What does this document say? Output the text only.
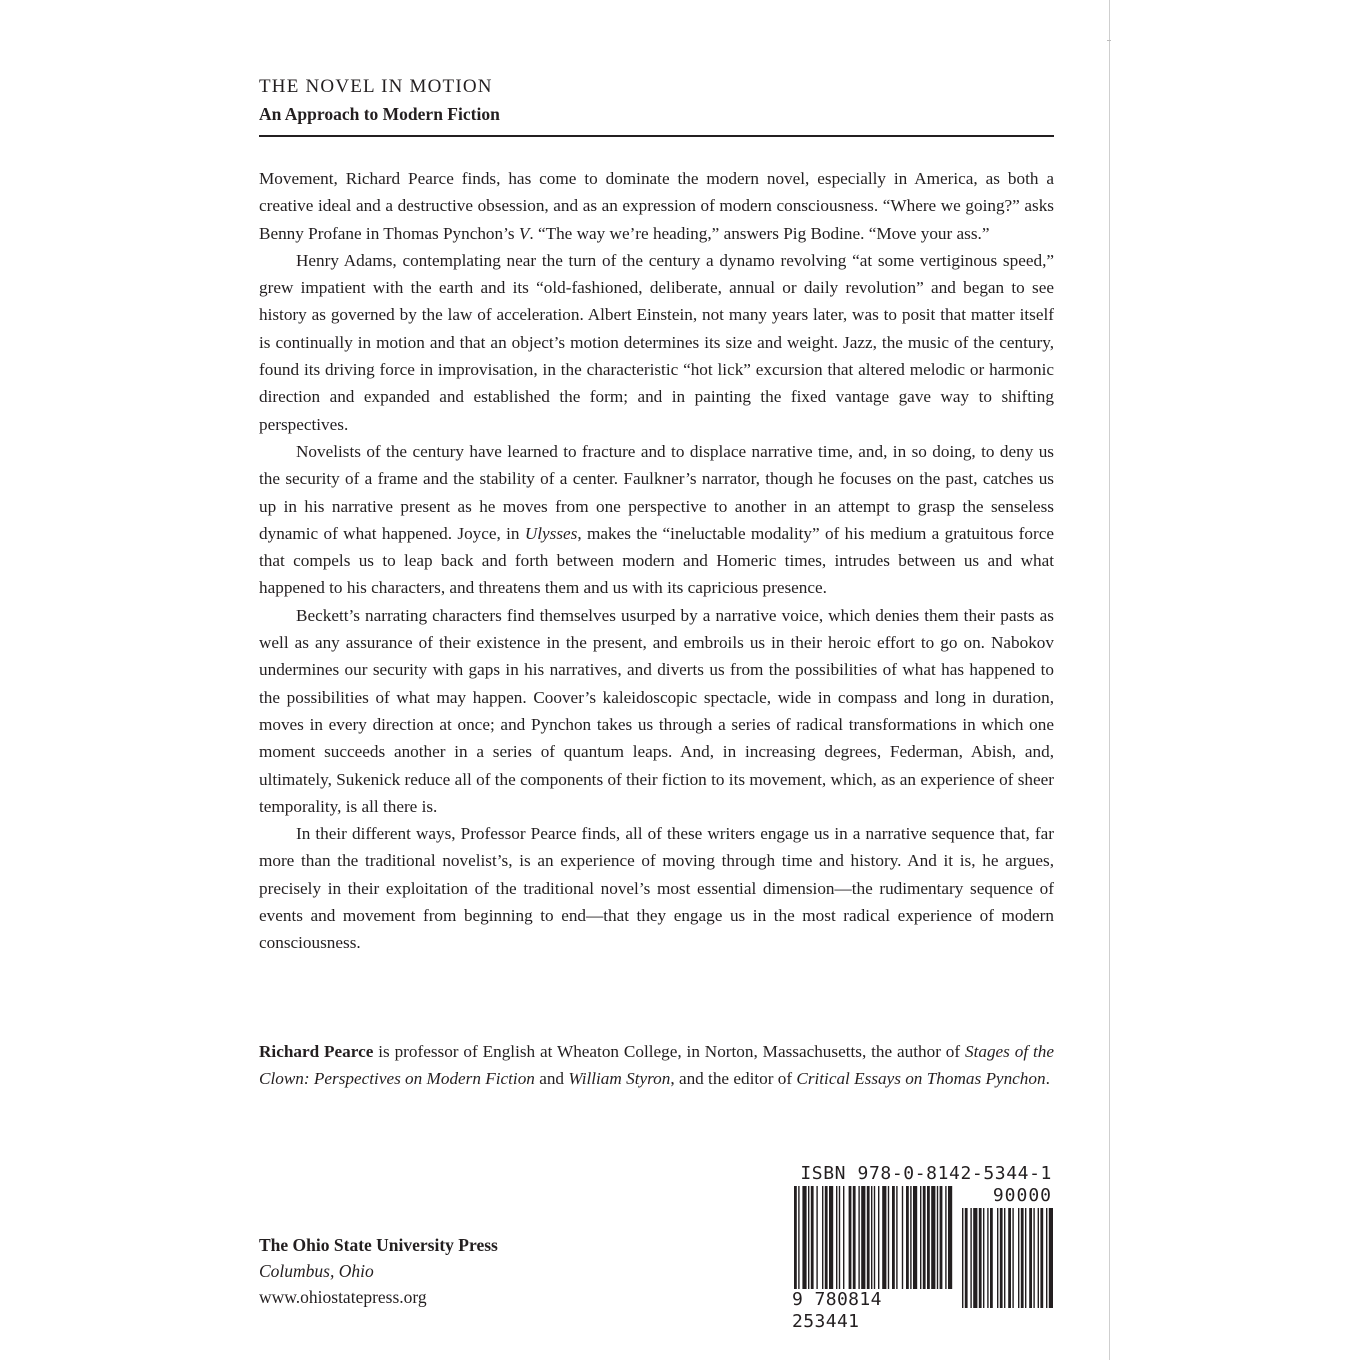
THE NOVEL IN MOTION
An Approach to Modern Fiction

Movement, Richard Pearce finds, has come to dominate the modern novel, especially in America, as both a creative ideal and a destructive obsession, and as an expression of modern consciousness. “Where we going?” asks Benny Profane in Thomas Pynchon’s V. “The way we’re heading,” answers Pig Bodine. “Move your ass.”

Henry Adams, contemplating near the turn of the century a dynamo revolving “at some vertiginous speed,” grew impatient with the earth and its “old-fashioned, deliberate, annual or daily revolution” and began to see history as governed by the law of acceleration. Albert Einstein, not many years later, was to posit that matter itself is continually in motion and that an object’s motion determines its size and weight. Jazz, the music of the century, found its driving force in improvisation, in the characteristic “hot lick” excursion that altered melodic or harmonic direction and expanded and established the form; and in painting the fixed vantage gave way to shifting perspectives.

Novelists of the century have learned to fracture and to displace narrative time, and, in so doing, to deny us the security of a frame and the stability of a center. Faulkner’s narrator, though he focuses on the past, catches us up in his narrative present as he moves from one perspective to another in an attempt to grasp the senseless dynamic of what happened. Joyce, in Ulysses, makes the “ineluctable modality” of his medium a gratuitous force that compels us to leap back and forth between modern and Homeric times, intrudes between us and what happened to his characters, and threatens them and us with its capricious presence.

Beckett’s narrating characters find themselves usurped by a narrative voice, which denies them their pasts as well as any assurance of their existence in the present, and embroils us in their heroic effort to go on. Nabokov undermines our security with gaps in his narratives, and diverts us from the possibilities of what has happened to the possibilities of what may happen. Coover’s kaleidoscopic spectacle, wide in compass and long in duration, moves in every direction at once; and Pynchon takes us through a series of radical transformations in which one moment succeeds another in a series of quantum leaps. And, in increasing degrees, Federman, Abish, and, ultimately, Sukenick reduce all of the components of their fiction to its movement, which, as an experience of sheer temporality, is all there is.

In their different ways, Professor Pearce finds, all of these writers engage us in a narrative sequence that, far more than the traditional novelist’s, is an experience of moving through time and history. And it is, he argues, precisely in their exploitation of the traditional novel’s most essential dimension—the rudimentary sequence of events and movement from beginning to end—that they engage us in the most radical experience of modern consciousness.

Richard Pearce is professor of English at Wheaton College, in Norton, Massachusetts, the author of Stages of the Clown: Perspectives on Modern Fiction and William Styron, and the editor of Critical Essays on Thomas Pynchon.
The Ohio State University Press
Columbus, Ohio
www.ohiostatepress.org
ISBN 978-0-8142-5344-1
90000
9 780814 253441
